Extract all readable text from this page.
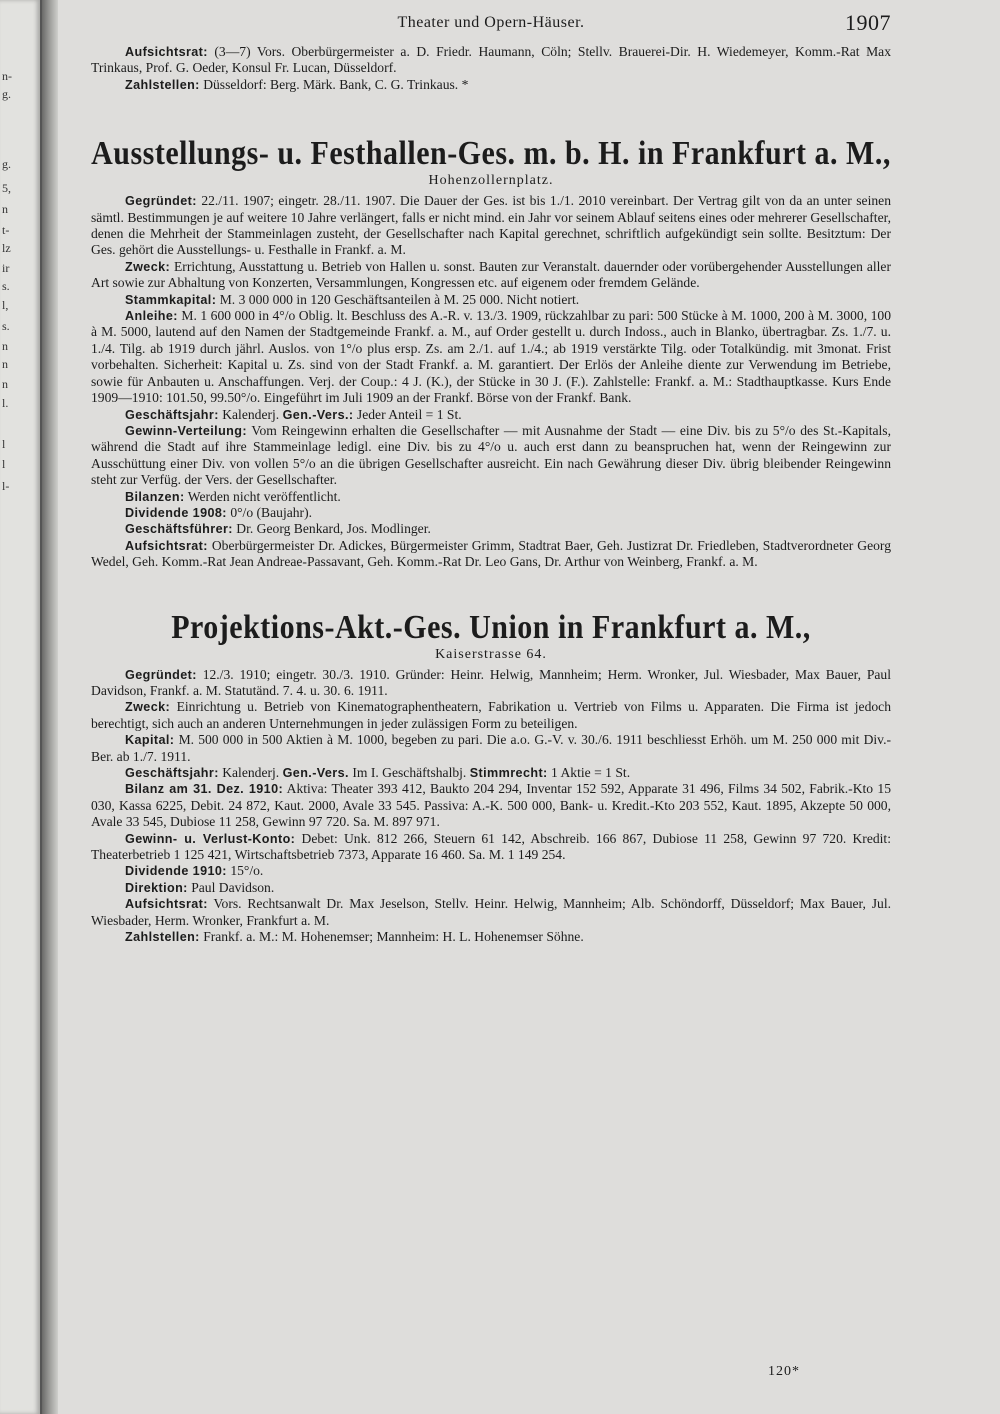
n-
g.
g.
5,
n
t-
lz
ir
s.
l,
s.
n
n
n
l.
l
l
l-
Theater und Opern-Häuser.	1907

Aufsichtsrat: (3—7) Vors. Oberbürgermeister a. D. Friedr. Haumann, Cöln; Stellv. Brauerei-Dir. H. Wiedemeyer, Komm.-Rat Max Trinkaus, Prof. G. Oeder, Konsul Fr. Lucan, Düsseldorf.

Zahlstellen: Düsseldorf: Berg. Märk. Bank, C. G. Trinkaus. *

Ausstellungs- u. Festhallen-Ges. m. b. H. in Frankfurt a. M.,
Hohenzollernplatz.

Gegründet: 22./11. 1907; eingetr. 28./11. 1907. Die Dauer der Ges. ist bis 1./1. 2010 vereinbart. Der Vertrag gilt von da an unter seinen sämtl. Bestimmungen je auf weitere 10 Jahre verlängert, falls er nicht mind. ein Jahr vor seinem Ablauf seitens eines oder mehrerer Gesellschafter, denen die Mehrheit der Stammeinlagen zusteht, der Gesellschafter nach Kapital gerechnet, schriftlich aufgekündigt sein sollte. Besitztum: Der Ges. gehört die Ausstellungs- u. Festhalle in Frankf. a. M.

Zweck: Errichtung, Ausstattung u. Betrieb von Hallen u. sonst. Bauten zur Veranstalt. dauernder oder vorübergehender Ausstellungen aller Art sowie zur Abhaltung von Konzerten, Versammlungen, Kongressen etc. auf eigenem oder fremdem Gelände.

Stammkapital: M. 3 000 000 in 120 Geschäftsanteilen à M. 25 000. Nicht notiert.

Anleihe: M. 1 600 000 in 4°/o Oblig. lt. Beschluss des A.-R. v. 13./3. 1909, rückzahlbar zu pari: 500 Stücke à M. 1000, 200 à M. 3000, 100 à M. 5000, lautend auf den Namen der Stadtgemeinde Frankf. a. M., auf Order gestellt u. durch Indoss., auch in Blanko, übertragbar. Zs. 1./7. u. 1./4. Tilg. ab 1919 durch jährl. Auslos. von 1°/o plus ersp. Zs. am 2./1. auf 1./4.; ab 1919 verstärkte Tilg. oder Totalkündig. mit 3monat. Frist vorbehalten. Sicherheit: Kapital u. Zs. sind von der Stadt Frankf. a. M. garantiert. Der Erlös der Anleihe diente zur Verwendung im Betriebe, sowie für Anbauten u. Anschaffungen. Verj. der Coup.: 4 J. (K.), der Stücke in 30 J. (F.). Zahlstelle: Frankf. a. M.: Stadthauptkasse. Kurs Ende 1909—1910: 101.50, 99.50°/o. Eingeführt im Juli 1909 an der Frankf. Börse von der Frankf. Bank.

Geschäftsjahr: Kalenderj. Gen.-Vers.: Jeder Anteil = 1 St.

Gewinn-Verteilung: Vom Reingewinn erhalten die Gesellschafter — mit Ausnahme der Stadt — eine Div. bis zu 5°/o des St.-Kapitals, während die Stadt auf ihre Stammeinlage ledigl. eine Div. bis zu 4°/o u. auch erst dann zu beanspruchen hat, wenn der Reingewinn zur Ausschüttung einer Div. von vollen 5°/o an die übrigen Gesellschafter ausreicht. Ein nach Gewährung dieser Div. übrig bleibender Reingewinn steht zur Verfüg. der Vers. der Gesellschafter.

Bilanzen: Werden nicht veröffentlicht.

Dividende 1908: 0°/o (Baujahr).

Geschäftsführer: Dr. Georg Benkard, Jos. Modlinger.

Aufsichtsrat: Oberbürgermeister Dr. Adickes, Bürgermeister Grimm, Stadtrat Baer, Geh. Justizrat Dr. Friedleben, Stadtverordneter Georg Wedel, Geh. Komm.-Rat Jean Andreae-Passavant, Geh. Komm.-Rat Dr. Leo Gans, Dr. Arthur von Weinberg, Frankf. a. M.

Projektions-Akt.-Ges. Union in Frankfurt a. M.,
Kaiserstrasse 64.

Gegründet: 12./3. 1910; eingetr. 30./3. 1910. Gründer: Heinr. Helwig, Mannheim; Herm. Wronker, Jul. Wiesbader, Max Bauer, Paul Davidson, Frankf. a. M. Statutänd. 7. 4. u. 30. 6. 1911.

Zweck: Einrichtung u. Betrieb von Kinematographentheatern, Fabrikation u. Vertrieb von Films u. Apparaten. Die Firma ist jedoch berechtigt, sich auch an anderen Unternehmungen in jeder zulässigen Form zu beteiligen.

Kapital: M. 500 000 in 500 Aktien à M. 1000, begeben zu pari. Die a.o. G.-V. v. 30./6. 1911 beschliesst Erhöh. um M. 250 000 mit Div.-Ber. ab 1./7. 1911.

Geschäftsjahr: Kalenderj. Gen.-Vers. Im I. Geschäftshalbj. Stimmrecht: 1 Aktie = 1 St.

Bilanz am 31. Dez. 1910: Aktiva: Theater 393 412, Baukto 204 294, Inventar 152 592, Apparate 31 496, Films 34 502, Fabrik.-Kto 15 030, Kassa 6225, Debit. 24 872, Kaut. 2000, Avale 33 545. Passiva: A.-K. 500 000, Bank- u. Kredit.-Kto 203 552, Kaut. 1895, Akzepte 50 000, Avale 33 545, Dubiose 11 258, Gewinn 97 720. Sa. M. 897 971.

Gewinn- u. Verlust-Konto: Debet: Unk. 812 266, Steuern 61 142, Abschreib. 166 867, Dubiose 11 258, Gewinn 97 720. Kredit: Theaterbetrieb 1 125 421, Wirtschaftsbetrieb 7373, Apparate 16 460. Sa. M. 1 149 254.

Dividende 1910: 15°/o.

Direktion: Paul Davidson.

Aufsichtsrat: Vors. Rechtsanwalt Dr. Max Jeselson, Stellv. Heinr. Helwig, Mannheim; Alb. Schöndorff, Düsseldorf; Max Bauer, Jul. Wiesbader, Herm. Wronker, Frankfurt a. M.

Zahlstellen: Frankf. a. M.: M. Hohenemser; Mannheim: H. L. Hohenemser Söhne.

120*
